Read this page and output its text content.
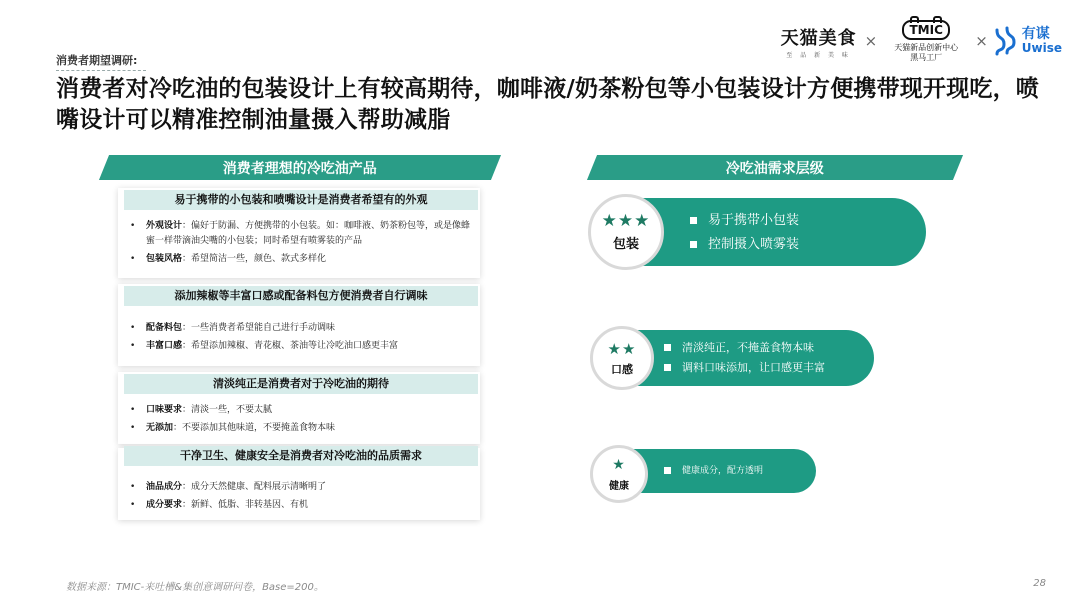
消费者期望调研:
消费者对冷吃油的包装设计上有较高期待，咖啡液/奶茶粉包等小包装设计方便携带现开现吃，喷嘴设计可以精准控制油量摄入帮助减脂
天猫美食
至 品 新 美 味
×
TMIC
天猫新品创新中心
黑马工厂
× 有谋
Uwise
消费者理想的冷吃油产品
易于携带的小包装和喷嘴设计是消费者希望有的外观
• 外观设计：偏好于防漏、方便携带的小包装。如：咖啡液、奶茶粉包等，或是像蜂蜜一样带滴油尖嘴的小包装；同时希望有喷雾装的产品
• 包装风格：希望简洁一些，颜色、款式多样化
添加辣椒等丰富口感或配备料包方便消费者自行调味
• 配备料包：一些消费者希望能自己进行手动调味
• 丰富口感：希望添加辣椒、青花椒、茶油等让冷吃油口感更丰富
清淡纯正是消费者对于冷吃油的期待
• 口味要求：清淡一些，不要太腻
• 无添加：不要添加其他味道，不要掩盖食物本味
干净卫生、健康安全是消费者对冷吃油的品质需求
• 油品成分：成分天然健康、配料展示清晰明了
• 成分要求：新鲜、低脂、非转基因、有机
冷吃油需求层级
易于携带小包装
控制摄入喷雾装
★★★
包装
清淡纯正，不掩盖食物本味
调料口味添加，让口感更丰富
★★
口感
健康成分，配方透明
★
健康
数据来源：TMIC-来吐槽&集创意调研问卷，Base=200。	28
